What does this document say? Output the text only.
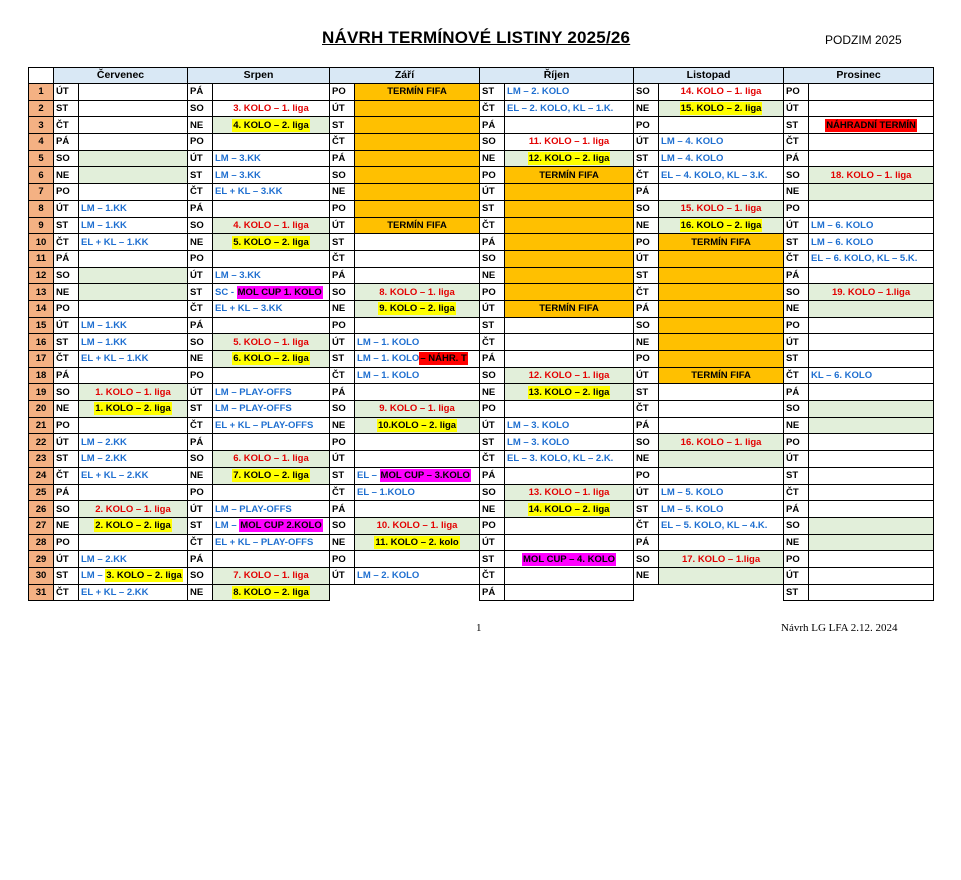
NÁVRH TERMÍNOVÉ LISTINY 2025/26	PODZIM 2025
	Červenec		Srpen		Září		Říjen		Listopad		Prosinec	
1	ÚT		PÁ		PO	TERMÍN FIFA	ST	LM – 2. KOLO	SO	14. KOLO – 1. liga	PO	
2	ST		SO	3. KOLO – 1. liga	ÚT		ČT	EL – 2. KOLO, KL – 1.K.	NE	15. KOLO – 2. liga	ÚT	
3	ČT		NE	4. KOLO – 2. liga	ST		PÁ		PO		ST	NÁHRADNÍ TERMÍN
4	PÁ		PO		ČT		SO	11. KOLO – 1. liga	ÚT	LM – 4. KOLO	ČT	
5	SO		ÚT	LM – 3.KK	PÁ		NE	12. KOLO – 2. liga	ST	LM – 4. KOLO	PÁ	
6	NE		ST	LM – 3.KK	SO		PO	TERMÍN FIFA	ČT	EL – 4. KOLO, KL – 3.K.	SO	18. KOLO – 1. liga
7	PO		ČT	EL + KL – 3.KK	NE		ÚT		PÁ		NE	
8	ÚT	LM – 1.KK	PÁ		PO		ST		SO	15. KOLO – 1. liga	PO	
9	ST	LM – 1.KK	SO	4. KOLO – 1. liga	ÚT	TERMÍN FIFA	ČT		NE	16. KOLO – 2. liga	ÚT	LM – 6. KOLO
10	ČT	EL + KL – 1.KK	NE	5. KOLO – 2. liga	ST		PÁ		PO	TERMÍN FIFA	ST	LM – 6. KOLO
11	PÁ		PO		ČT		SO		ÚT		ČT	EL – 6. KOLO, KL – 5.K.
12	SO		ÚT	LM – 3.KK	PÁ		NE		ST		PÁ	
13	NE		ST	SC - MOL CUP 1. KOLO	SO	8. KOLO – 1. liga	PO		ČT		SO	19. KOLO – 1.liga
14	PO		ČT	EL + KL – 3.KK	NE	9. KOLO – 2. liga	ÚT	TERMÍN FIFA	PÁ		NE	
15	ÚT	LM – 1.KK	PÁ		PO		ST		SO		PO	
16	ST	LM – 1.KK	SO	5. KOLO – 1. liga	ÚT	LM – 1. KOLO	ČT		NE		ÚT	
17	ČT	EL + KL – 1.KK	NE	6. KOLO – 2. liga	ST	LM – 1. KOLO– NÁHR. T	PÁ		PO		ST	
18	PÁ		PO		ČT	LM – 1. KOLO	SO	12. KOLO – 1. liga	ÚT	TERMÍN FIFA	ČT	KL – 6. KOLO
19	SO	1. KOLO – 1. liga	ÚT	LM – PLAY-OFFS	PÁ		NE	13. KOLO – 2. liga	ST		PÁ	
20	NE	1. KOLO – 2. liga	ST	LM – PLAY-OFFS	SO	9. KOLO – 1. liga	PO		ČT		SO	
21	PO		ČT	EL + KL – PLAY-OFFS	NE	10.KOLO – 2. liga	ÚT	LM – 3. KOLO	PÁ		NE	
22	ÚT	LM – 2.KK	PÁ		PO		ST	LM – 3. KOLO	SO	16. KOLO – 1. liga	PO	
23	ST	LM – 2.KK	SO	6. KOLO – 1. liga	ÚT		ČT	EL – 3. KOLO, KL – 2.K.	NE		ÚT	
24	ČT	EL + KL – 2.KK	NE	7. KOLO – 2. liga	ST	EL – MOL CUP – 3.KOLO	PÁ		PO		ST	
25	PÁ		PO		ČT	EL – 1.KOLO	SO	13. KOLO – 1. liga	ÚT	LM – 5. KOLO	ČT	
26	SO	2. KOLO – 1. liga	ÚT	LM – PLAY-OFFS	PÁ		NE	14. KOLO – 2. liga	ST	LM – 5. KOLO	PÁ	
27	NE	2. KOLO – 2. liga	ST	LM – MOL CUP 2.KOLO	SO	10. KOLO – 1. liga	PO		ČT	EL – 5. KOLO, KL – 4.K.	SO	
28	PO		ČT	EL + KL – PLAY-OFFS	NE	11. KOLO – 2. kolo	ÚT		PÁ		NE	
29	ÚT	LM – 2.KK	PÁ		PO		ST	MOL CUP – 4. KOLO	SO	17. KOLO – 1.liga	PO	
30	ST	LM – 3. KOLO – 2. liga	SO	7. KOLO – 1. liga	ÚT	LM – 2. KOLO	ČT		NE		ÚT	
31	ČT	EL + KL – 2.KK	NE	8. KOLO – 2. liga			PÁ				ST	
1	Návrh LG LFA 2.12. 2024
